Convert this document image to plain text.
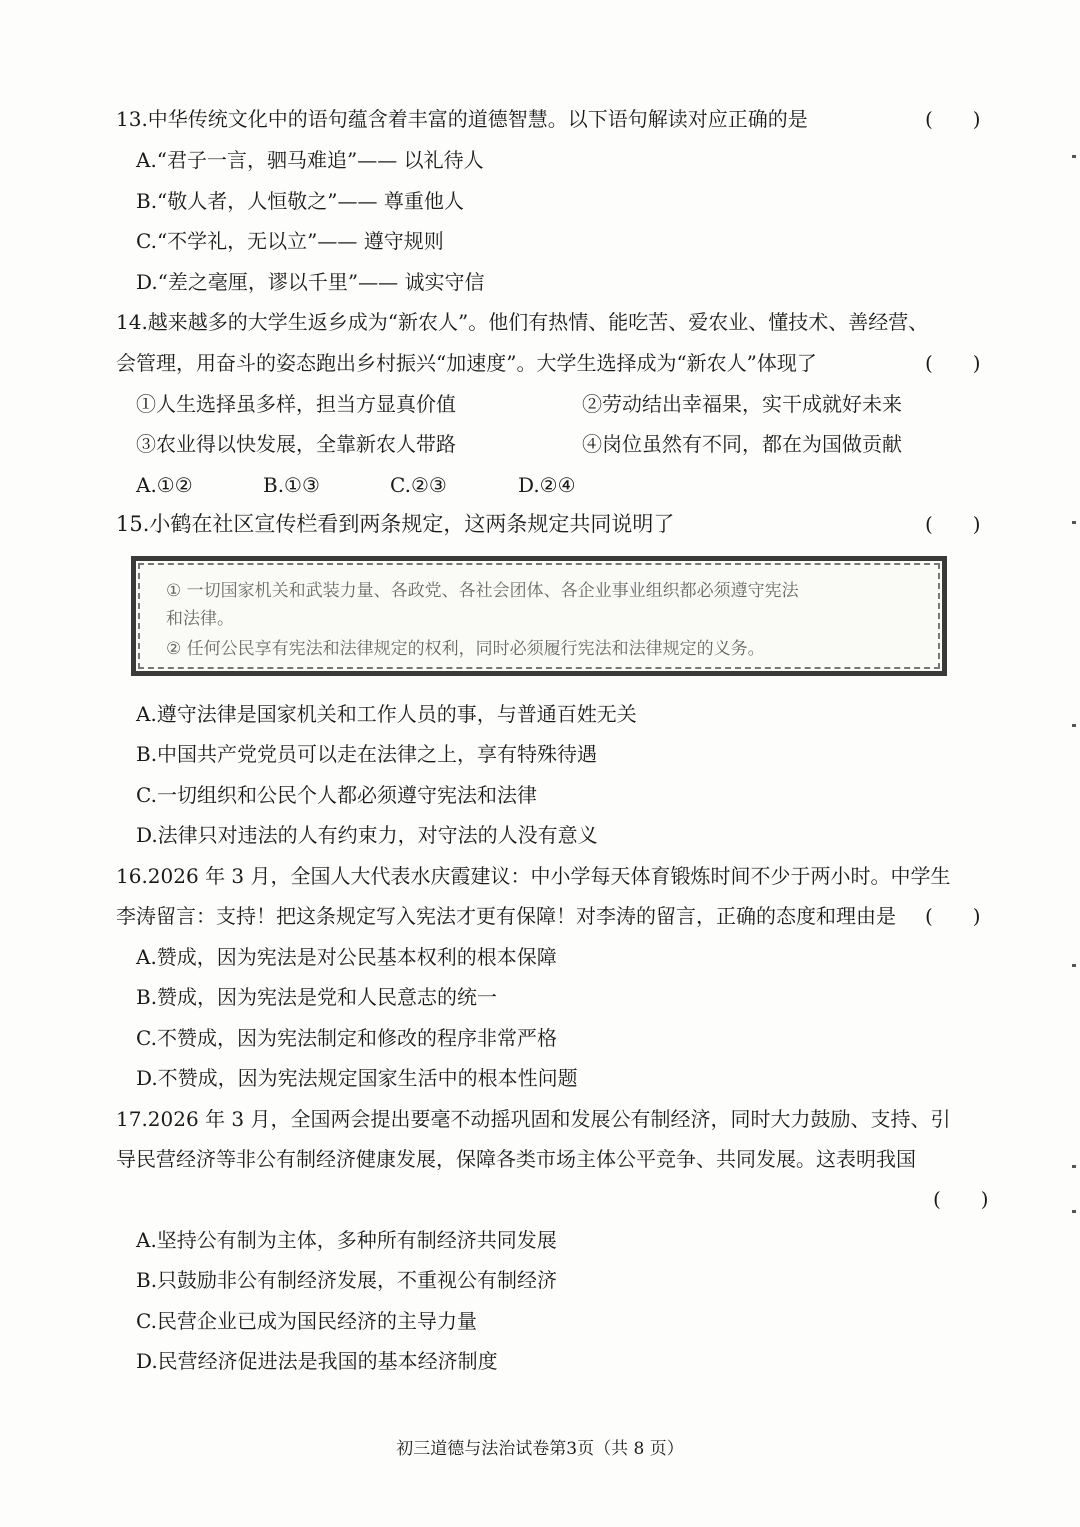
13.中华传统文化中的语句蕴含着丰富的道德智慧。以下语句解读对应正确的是	(　　)
A.“君子一言，驷马难追”—— 以礼待人
B.“敬人者，人恒敬之”—— 尊重他人
C.“不学礼，无以立”—— 遵守规则
D.“差之毫厘，谬以千里”—— 诚实守信
14.越来越多的大学生返乡成为“新农人”。他们有热情、能吃苦、爱农业、懂技术、善经营、
会管理，用奋斗的姿态跑出乡村振兴“加速度”。大学生选择成为“新农人”体现了	(　　)
①人生选择虽多样，担当方显真价值	②劳动结出幸福果，实干成就好未来
③农业得以快发展，全靠新农人带路	④岗位虽然有不同，都在为国做贡献
A.①②	B.①③	C.②③	D.②④
15.小鹤在社区宣传栏看到两条规定，这两条规定共同说明了	(　　)
① 一切国家机关和武装力量、各政党、各社会团体、各企业事业组织都必须遵守宪法
和法律。
② 任何公民享有宪法和法律规定的权利，同时必须履行宪法和法律规定的义务。
A.遵守法律是国家机关和工作人员的事，与普通百姓无关
B.中国共产党党员可以走在法律之上，享有特殊待遇
C.一切组织和公民个人都必须遵守宪法和法律
D.法律只对违法的人有约束力，对守法的人没有意义
16.2026 年 3 月，全国人大代表水庆霞建议：中小学每天体育锻炼时间不少于两小时。中学生
李涛留言：支持！把这条规定写入宪法才更有保障！对李涛的留言，正确的态度和理由是 (　　)
A.赞成，因为宪法是对公民基本权利的根本保障
B.赞成，因为宪法是党和人民意志的统一
C.不赞成，因为宪法制定和修改的程序非常严格
D.不赞成，因为宪法规定国家生活中的根本性问题
17.2026 年 3 月，全国两会提出要毫不动摇巩固和发展公有制经济，同时大力鼓励、支持、引
导民营经济等非公有制经济健康发展，保障各类市场主体公平竞争、共同发展。这表明我国
(　　)
A.坚持公有制为主体，多种所有制经济共同发展
B.只鼓励非公有制经济发展，不重视公有制经济
C.民营企业已成为国民经济的主导力量
D.民营经济促进法是我国的基本经济制度
初三道德与法治试卷第3页（共 8 页）
